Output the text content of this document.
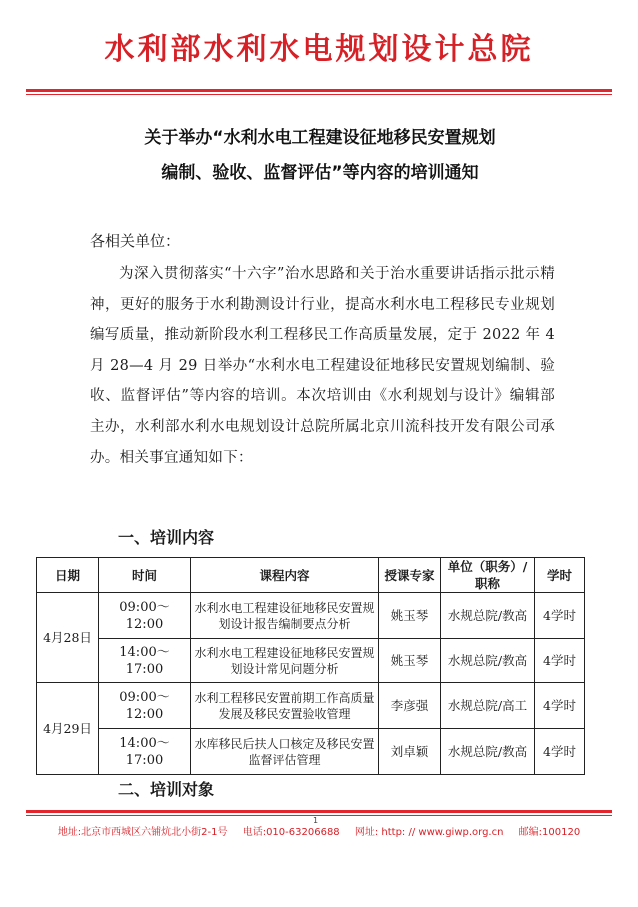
水利部水利水电规划设计总院
关于举办“水利水电工程建设征地移民安置规划
编制、验收、监督评估”等内容的培训通知
各相关单位：
为深入贯彻落实“十六字”治水思路和关于治水重要讲话指示批示精神，更好的服务于水利勘测设计行业，提高水利水电工程移民专业规划编写质量，推动新阶段水利工程移民工作高质量发展，定于 2022 年 4 月 28—4 月 29 日举办“水利水电工程建设征地移民安置规划编制、验收、监督评估”等内容的培训。本次培训由《水利规划与设计》编辑部主办，水利部水利水电规划设计总院所属北京川流科技开发有限公司承办。相关事宜通知如下：
一、培训内容
日期	时间	课程内容	授课专家	单位（职务）/职称	学时
4月28日	09:00～12:00	水利水电工程建设征地移民安置规划设计报告编制要点分析	姚玉琴	水规总院/教高	4学时
	14:00～17:00	水利水电工程建设征地移民安置规划设计常见问题分析	姚玉琴	水规总院/教高	4学时
4月29日	09:00～12:00	水利工程移民安置前期工作高质量发展及移民安置验收管理	李彦强	水规总院/高工	4学时
	14:00～17:00	水库移民后扶人口核定及移民安置监督评估管理	刘卓颖	水规总院/教高	4学时
二、培训对象
1
地址:北京市西城区六铺炕北小街2-1号 电话:010-63206688 网址: http: // www.giwp.org.cn 邮编:100120
